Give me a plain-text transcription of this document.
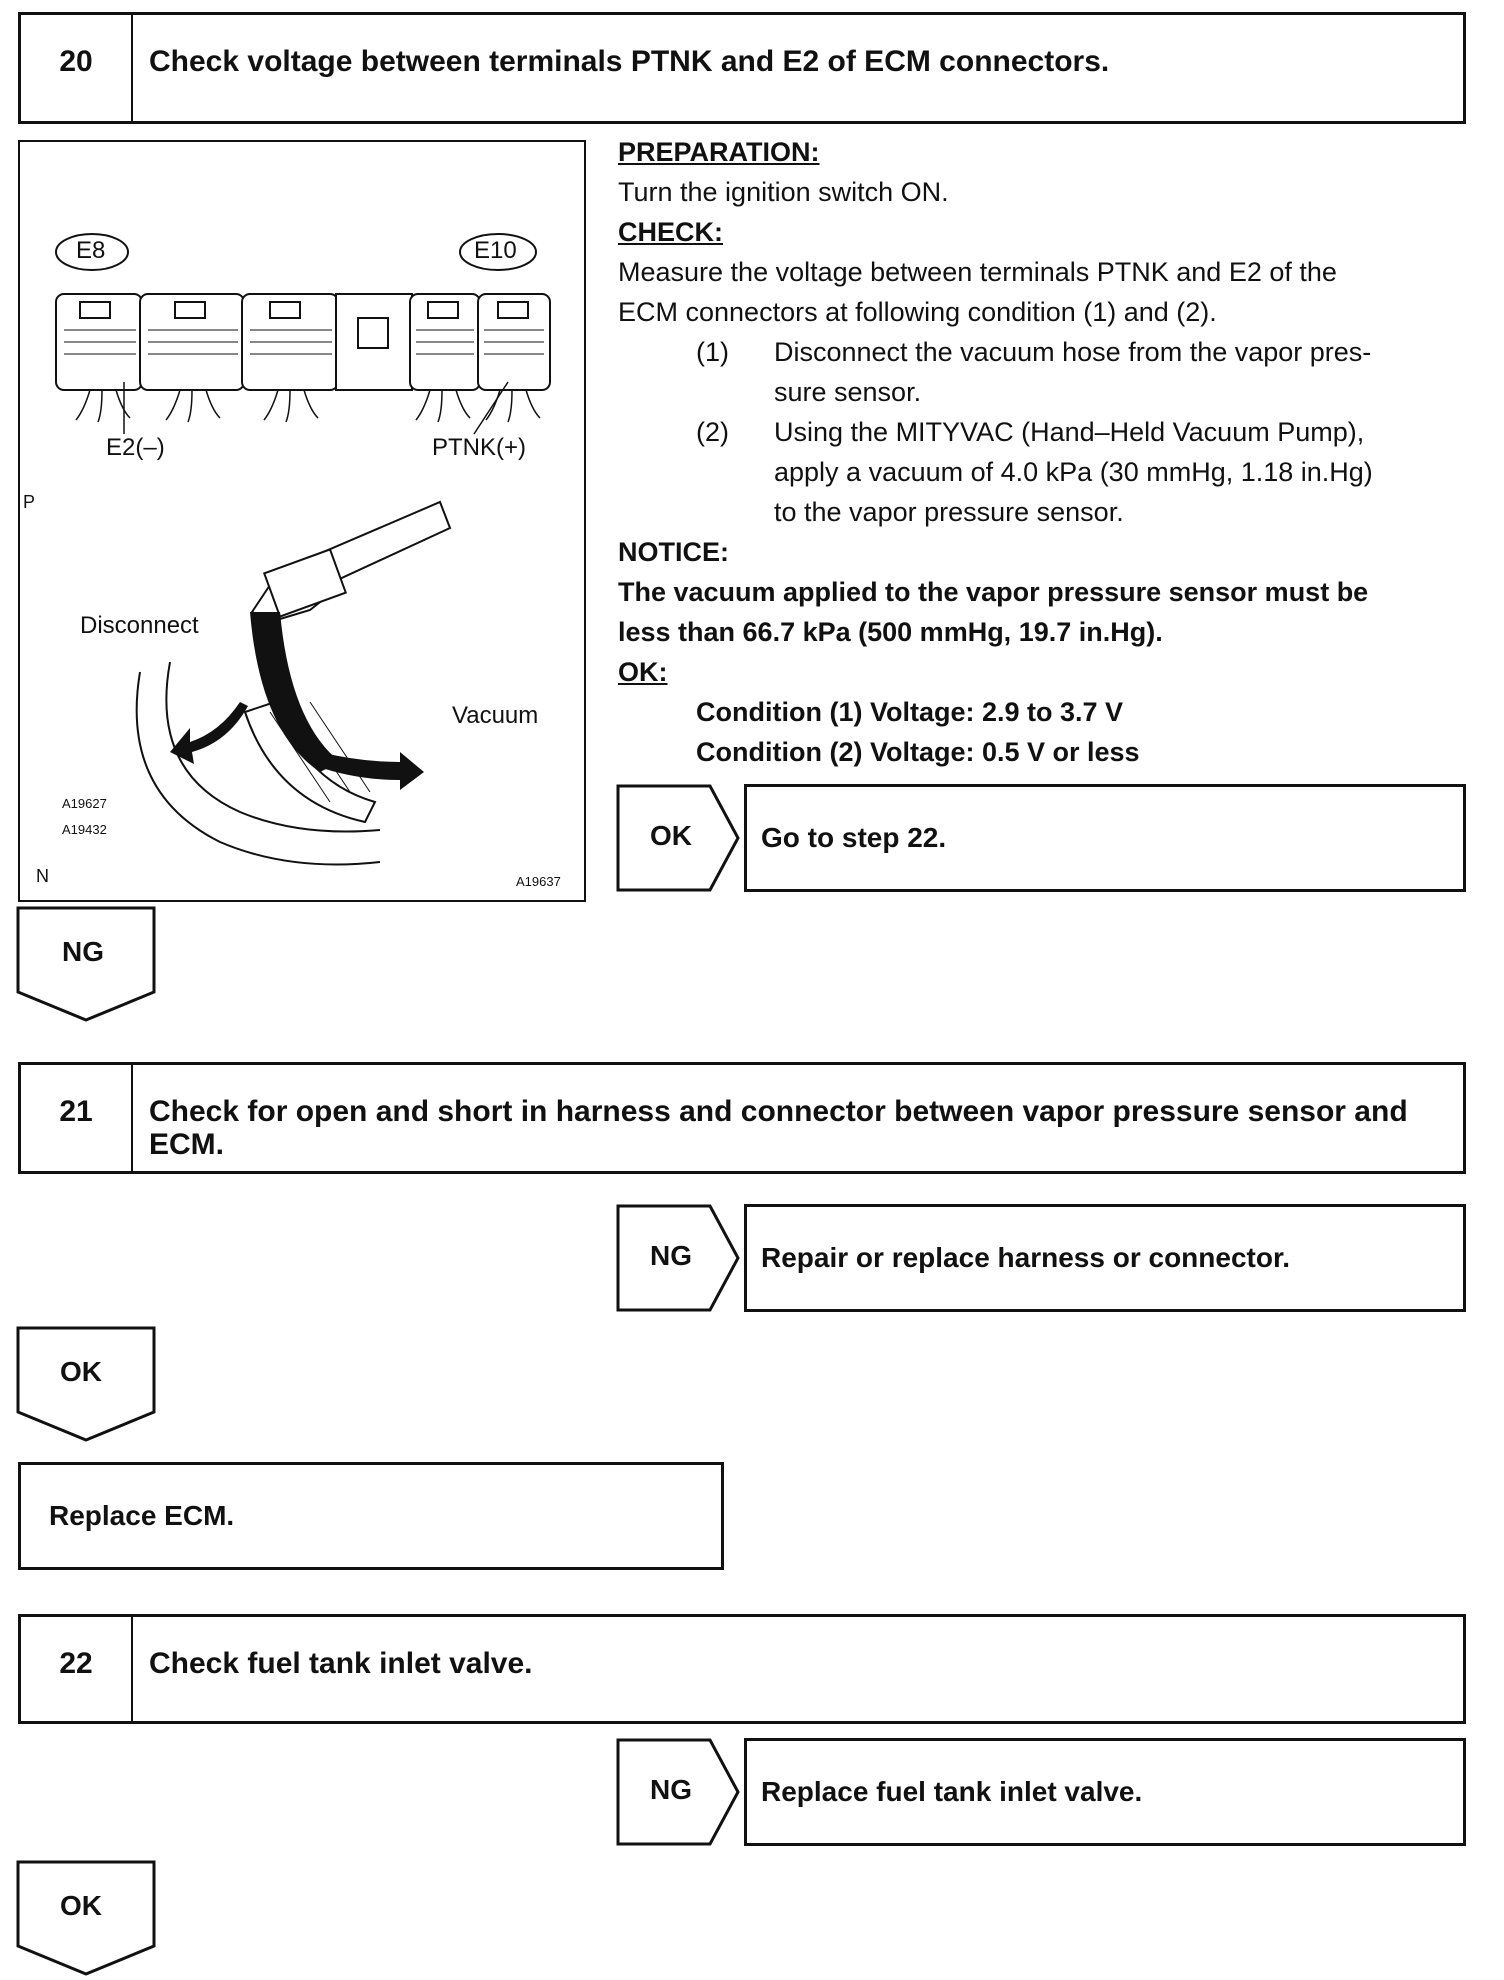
20	Check voltage between terminals PTNK and E2 of ECM connectors.
E8	E10
E2(–)	PTNK(+)
P
Disconnect
Vacuum
A19627
A19432
N	A19637
PREPARATION:
Turn the ignition switch ON.
CHECK:
Measure the voltage between terminals PTNK and E2 of the
ECM connectors at following condition (1) and (2).
(1) Disconnect the vacuum hose from the vapor pres-
sure sensor.
(2) Using the MITYVAC (Hand–Held Vacuum Pump),
apply a vacuum of 4.0 kPa (30 mmHg, 1.18 in.Hg)
to the vapor pressure sensor.
NOTICE:
The vacuum applied to the vapor pressure sensor must be
less than 66.7 kPa (500 mmHg, 19.7 in.Hg).
OK:
Condition (1) Voltage: 2.9 to 3.7 V
Condition (2) Voltage: 0.5 V or less
OK Go to step 22.
NG
21	Check for open and short in harness and connector between vapor pressure sensor and ECM.
NG Repair or replace harness or connector.
OK
Replace ECM.
22	Check fuel tank inlet valve.
NG Replace fuel tank inlet valve.
OK
